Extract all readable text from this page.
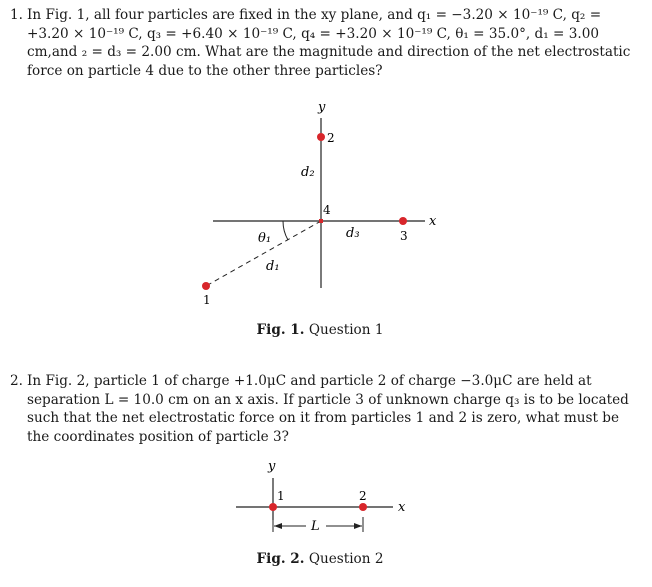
1. In Fig. 1, all four particles are fixed in the xy plane, and q₁ = −3.20 × 10⁻¹⁹ C, q₂ = +3.20 × 10⁻¹⁹ C, q₃ = +6.40 × 10⁻¹⁹ C, q₄ = +3.20 × 10⁻¹⁹ C, θ₁ = 35.0°, d₁ = 3.00 cm,and ₂ = d₃ = 2.00 cm. What are the magnitude and direction of the net electrostatic force on particle 4 due to the other three particles?
y
x
θ₁
d₁
d₂
d₃
2
4
3
1
Fig. 1. Question 1
2. In Fig. 2, particle 1 of charge +1.0μC and particle 2 of charge −3.0μC are held at separation L = 10.0 cm on an x axis. If particle 3 of unknown charge q₃ is to be located such that the net electrostatic force on it from particles 1 and 2 is zero, what must be the coordinates position of particle 3?
y
x
1	2
L
Fig. 2. Question 2
